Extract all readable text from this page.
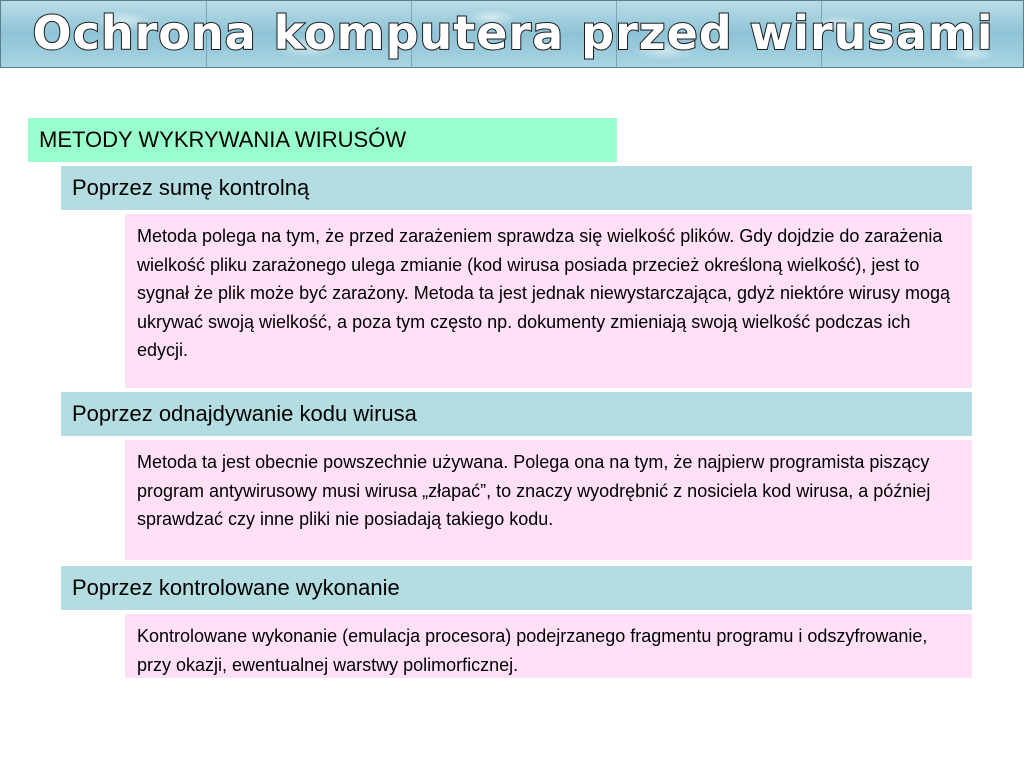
Ochrona komputera przed wirusami
METODY WYKRYWANIA WIRUSÓW
Poprzez sumę kontrolną
Metoda polega na tym, że przed zarażeniem sprawdza się wielkość plików. Gdy dojdzie do zarażenia wielkość pliku zarażonego ulega zmianie (kod wirusa posiada przecież określoną wielkość), jest to sygnał że plik może być zarażony. Metoda ta jest jednak niewystarczająca, gdyż niektóre wirusy mogą ukrywać swoją wielkość, a poza tym często np. dokumenty zmieniają swoją wielkość podczas ich edycji.
Poprzez odnajdywanie kodu wirusa
Metoda ta jest obecnie powszechnie używana. Polega ona na tym, że najpierw programista piszący program antywirusowy musi wirusa „złapać”, to znaczy wyodrębnić z nosiciela kod wirusa, a później sprawdzać czy inne pliki nie posiadają takiego kodu.
Poprzez kontrolowane wykonanie
Kontrolowane wykonanie (emulacja procesora) podejrzanego fragmentu programu i odszyfrowanie, przy okazji, ewentualnej warstwy polimorficznej.
